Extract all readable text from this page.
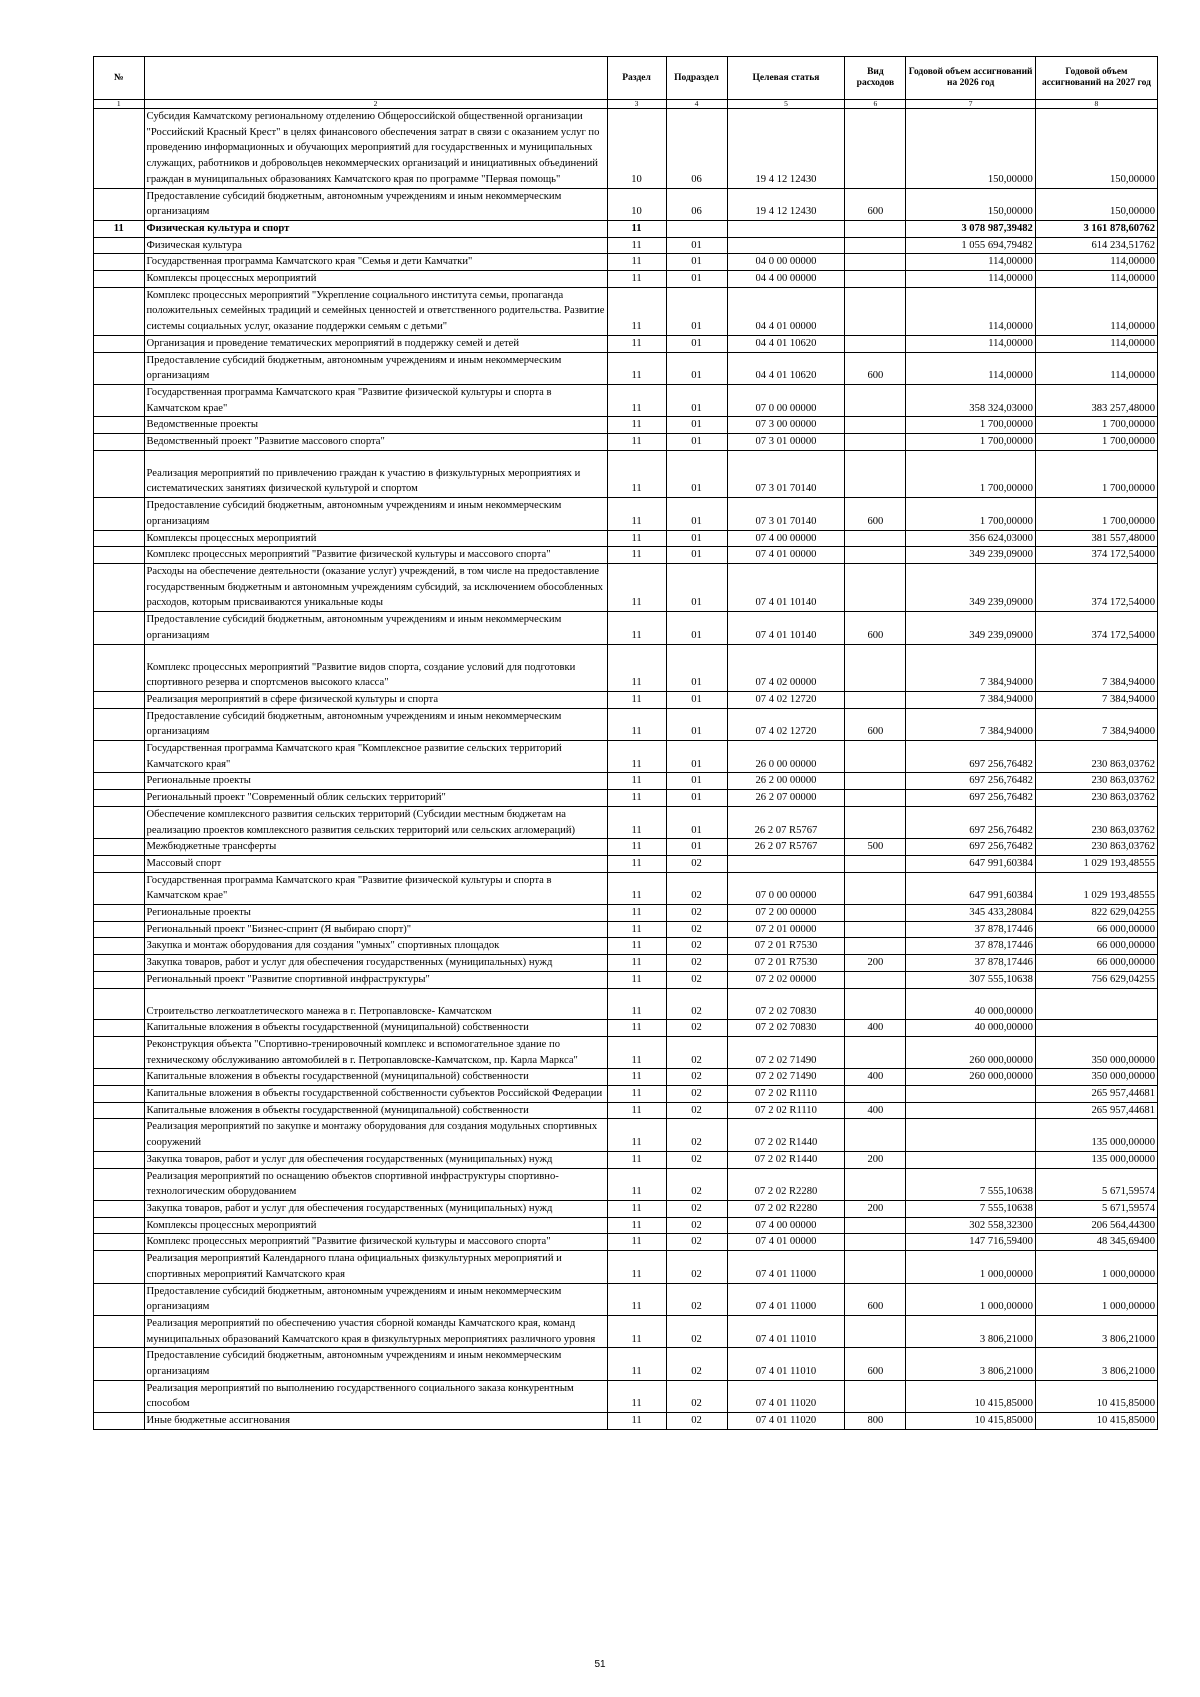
№		Раздел	Подраздел	Целевая статья	Вид расходов	Годовой объем ассигнований на 2026 год	Годовой объем ассигнований на 2027 год
1	2	3	4	5	6	7	8
	Субсидия Камчатскому региональному отделению Общероссийской общественной организации "Российский Красный Крест" в целях финансового обеспечения затрат в связи с оказанием услуг по проведению информационных и обучающих мероприятий для государственных и муниципальных служащих, работников и добровольцев некоммерческих организаций и инициативных объединений граждан в муниципальных образованиях Камчатского края по программе "Первая помощь"	10	06	19 4 12 12430		150,00000	150,00000
	Предоставление субсидий бюджетным, автономным учреждениям и иным некоммерческим организациям	10	06	19 4 12 12430	600	150,00000	150,00000
11	Физическая культура и спорт	11				3 078 987,39482	3 161 878,60762
	Физическая культура	11	01			1 055 694,79482	614 234,51762
	Государственная программа Камчатского края "Семья и дети Камчатки"	11	01	04 0 00 00000		114,00000	114,00000
	Комплексы процессных мероприятий	11	01	04 4 00 00000		114,00000	114,00000
	Комплекс процессных мероприятий "Укрепление социального института семьи, пропаганда положительных семейных традиций и семейных ценностей и ответственного родительства. Развитие системы социальных услуг, оказание поддержки семьям с детьми"	11	01	04 4 01 00000		114,00000	114,00000
	Организация и проведение тематических мероприятий в поддержку семей и детей	11	01	04 4 01 10620		114,00000	114,00000
	Предоставление субсидий бюджетным, автономным учреждениям и иным некоммерческим организациям	11	01	04 4 01 10620	600	114,00000	114,00000
	Государственная программа Камчатского края "Развитие физической культуры и спорта в Камчатском крае"	11	01	07 0 00 00000		358 324,03000	383 257,48000
	Ведомственные проекты	11	01	07 3 00 00000		1 700,00000	1 700,00000
	Ведомственный проект "Развитие массового спорта"	11	01	07 3 01 00000		1 700,00000	1 700,00000
	Реализация мероприятий по привлечению граждан к участию в физкультурных мероприятиях и систематических занятиях физической культурой и спортом	11	01	07 3 01 70140		1 700,00000	1 700,00000
	Предоставление субсидий бюджетным, автономным учреждениям и иным некоммерческим организациям	11	01	07 3 01 70140	600	1 700,00000	1 700,00000
	Комплексы процессных мероприятий	11	01	07 4 00 00000		356 624,03000	381 557,48000
	Комплекс процессных мероприятий "Развитие физической культуры и массового спорта"	11	01	07 4 01 00000		349 239,09000	374 172,54000
	Расходы на обеспечение деятельности (оказание услуг) учреждений, в том числе на предоставление государственным бюджетным и автономным учреждениям субсидий, за исключением обособленных расходов, которым присваиваются уникальные коды	11	01	07 4 01 10140		349 239,09000	374 172,54000
	Предоставление субсидий бюджетным, автономным учреждениям и иным некоммерческим организациям	11	01	07 4 01 10140	600	349 239,09000	374 172,54000
	Комплекс процессных мероприятий "Развитие видов спорта, создание условий для подготовки спортивного резерва и спортсменов высокого класса"	11	01	07 4 02 00000		7 384,94000	7 384,94000
	Реализация мероприятий в сфере физической культуры и спорта	11	01	07 4 02 12720		7 384,94000	7 384,94000
	Предоставление субсидий бюджетным, автономным учреждениям и иным некоммерческим организациям	11	01	07 4 02 12720	600	7 384,94000	7 384,94000
	Государственная программа Камчатского края "Комплексное развитие сельских территорий Камчатского края"	11	01	26 0 00 00000		697 256,76482	230 863,03762
	Региональные проекты	11	01	26 2 00 00000		697 256,76482	230 863,03762
	Региональный проект "Современный облик сельских территорий"	11	01	26 2 07 00000		697 256,76482	230 863,03762
	Обеспечение комплексного развития сельских территорий (Субсидии местным бюджетам на реализацию проектов комплексного развития сельских территорий или сельских агломераций)	11	01	26 2 07 R5767		697 256,76482	230 863,03762
	Межбюджетные трансферты	11	01	26 2 07 R5767	500	697 256,76482	230 863,03762
	Массовый спорт	11	02			647 991,60384	1 029 193,48555
	Государственная программа Камчатского края "Развитие физической культуры и спорта в Камчатском крае"	11	02	07 0 00 00000		647 991,60384	1 029 193,48555
	Региональные проекты	11	02	07 2 00 00000		345 433,28084	822 629,04255
	Региональный проект "Бизнес-спринт (Я выбираю спорт)"	11	02	07 2 01 00000		37 878,17446	66 000,00000
	Закупка и монтаж оборудования для создания "умных" спортивных площадок	11	02	07 2 01 R7530		37 878,17446	66 000,00000
	Закупка товаров, работ и услуг для обеспечения государственных (муниципальных) нужд	11	02	07 2 01 R7530	200	37 878,17446	66 000,00000
	Региональный проект "Развитие спортивной инфраструктуры"	11	02	07 2 02 00000		307 555,10638	756 629,04255
	Строительство легкоатлетического манежа в г. Петропавловске- Камчатском	11	02	07 2 02 70830		40 000,00000	
	Капитальные вложения в объекты государственной (муниципальной) собственности	11	02	07 2 02 70830	400	40 000,00000	
	Реконструкция объекта "Спортивно-тренировочный комплекс и вспомогательное здание по техническому обслуживанию автомобилей в г. Петропавловске-Камчатском, пр. Карла Маркса"	11	02	07 2 02 71490		260 000,00000	350 000,00000
	Капитальные вложения в объекты государственной (муниципальной) собственности	11	02	07 2 02 71490	400	260 000,00000	350 000,00000
	Капитальные вложения в объекты государственной собственности субъектов Российской Федерации	11	02	07 2 02 R1110			265 957,44681
	Капитальные вложения в объекты государственной (муниципальной) собственности	11	02	07 2 02 R1110	400		265 957,44681
	Реализация мероприятий по закупке и монтажу оборудования для создания модульных спортивных сооружений	11	02	07 2 02 R1440			135 000,00000
	Закупка товаров, работ и услуг для обеспечения государственных (муниципальных) нужд	11	02	07 2 02 R1440	200		135 000,00000
	Реализация мероприятий по оснащению объектов спортивной инфраструктуры спортивно-технологическим оборудованием	11	02	07 2 02 R2280		7 555,10638	5 671,59574
	Закупка товаров, работ и услуг для обеспечения государственных (муниципальных) нужд	11	02	07 2 02 R2280	200	7 555,10638	5 671,59574
	Комплексы процессных мероприятий	11	02	07 4 00 00000		302 558,32300	206 564,44300
	Комплекс процессных мероприятий "Развитие физической культуры и массового спорта"	11	02	07 4 01 00000		147 716,59400	48 345,69400
	Реализация мероприятий Календарного плана официальных физкультурных мероприятий и спортивных мероприятий Камчатского края	11	02	07 4 01 11000		1 000,00000	1 000,00000
	Предоставление субсидий бюджетным, автономным учреждениям и иным некоммерческим организациям	11	02	07 4 01 11000	600	1 000,00000	1 000,00000
	Реализация мероприятий по обеспечению участия сборной команды Камчатского края, команд муниципальных образований Камчатского края в физкультурных мероприятиях различного уровня	11	02	07 4 01 11010		3 806,21000	3 806,21000
	Предоставление субсидий бюджетным, автономным учреждениям и иным некоммерческим организациям	11	02	07 4 01 11010	600	3 806,21000	3 806,21000
	Реализация мероприятий по выполнению государственного социального заказа конкурентным способом	11	02	07 4 01 11020		10 415,85000	10 415,85000
	Иные бюджетные ассигнования	11	02	07 4 01 11020	800	10 415,85000	10 415,85000
51
